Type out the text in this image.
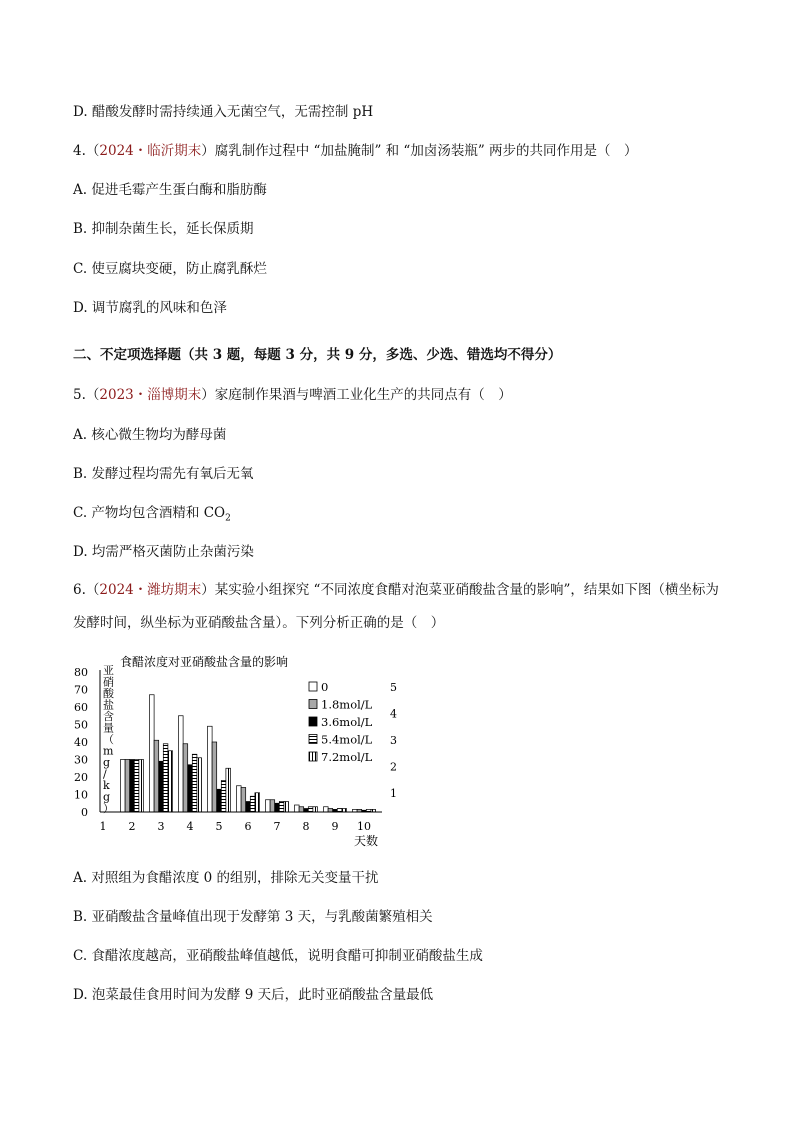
D. 醋酸发酵时需持续通入无菌空气，无需控制 pH
4.（2024・临沂期末）腐乳制作过程中 “加盐腌制” 和 “加卤汤装瓶” 两步的共同作用是（　）
A. 促进毛霉产生蛋白酶和脂肪酶
B. 抑制杂菌生长，延长保质期
C. 使豆腐块变硬，防止腐乳酥烂
D. 调节腐乳的风味和色泽
二、不定项选择题（共 3 题，每题 3 分，共 9 分，多选、少选、错选均不得分）
5.（2023・淄博期末）家庭制作果酒与啤酒工业化生产的共同点有（　）
A. 核心微生物均为酵母菌
B. 发酵过程均需先有氧后无氧
C. 产物均包含酒精和 $CO_2$
D. 均需严格灭菌防止杂菌污染
6.（2024・潍坊期末）某实验小组探究 “不同浓度食醋对泡菜亚硝酸盐含量的影响”，结果如下图（横坐标为发酵时间，纵坐标为亚硝酸盐含量）。下列分析正确的是（　）
食醋浓度对亚硝酸盐含量的影响
亚
硝
酸
盐
含
量
（
m
g
/
k
g
）
0
10
20
30
40
50
60
70
80
1 2 3 4 5 6 7 8 9 10
0
1.8mol/L
3.6mol/L
5.4mol/L
7.2mol/L
5
4
3
2
1
天数
A. 对照组为食醋浓度 0 的组别，排除无关变量干扰
B. 亚硝酸盐含量峰值出现于发酵第 3 天，与乳酸菌繁殖相关
C. 食醋浓度越高，亚硝酸盐峰值越低，说明食醋可抑制亚硝酸盐生成
D. 泡菜最佳食用时间为发酵 9 天后，此时亚硝酸盐含量最低
